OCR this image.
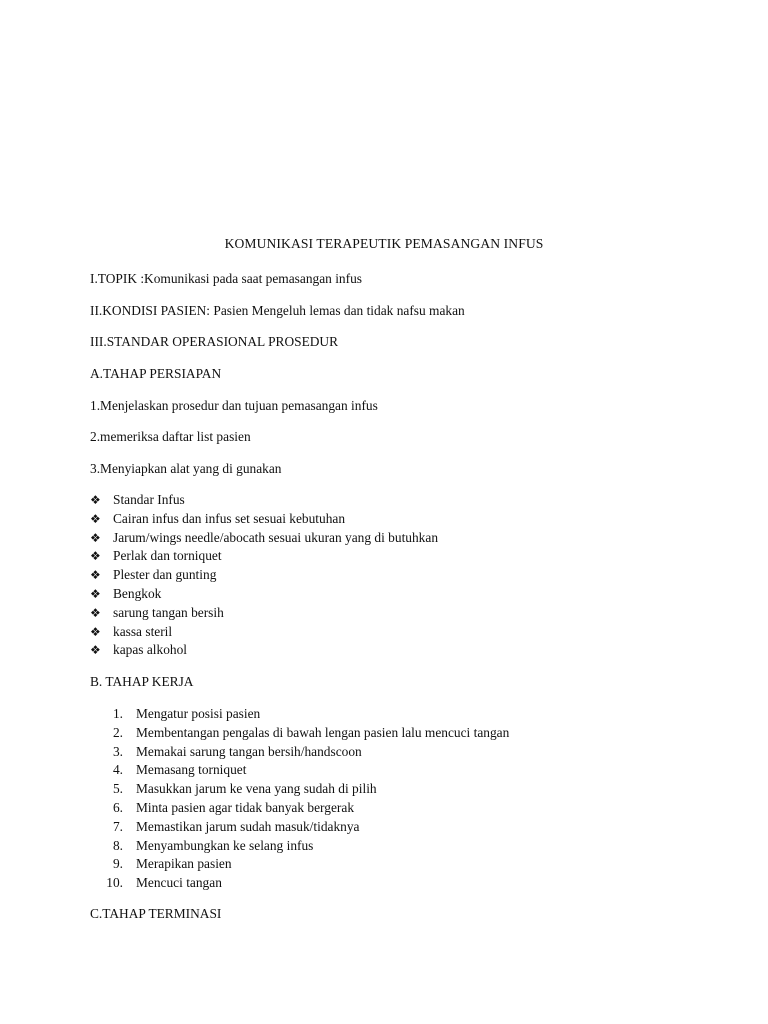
KOMUNIKASI TERAPEUTIK PEMASANGAN INFUS
I.TOPIK :Komunikasi pada saat pemasangan infus
II.KONDISI PASIEN: Pasien Mengeluh lemas dan tidak nafsu makan
III.STANDAR OPERASIONAL PROSEDUR
A.TAHAP PERSIAPAN
1.Menjelaskan prosedur dan tujuan pemasangan infus
2.memeriksa daftar list pasien
3.Menyiapkan alat yang di gunakan
❖ Standar Infus
❖ Cairan infus dan infus set sesuai kebutuhan
❖ Jarum/wings needle/abocath sesuai ukuran yang di butuhkan
❖ Perlak dan torniquet
❖ Plester dan gunting
❖ Bengkok
❖ sarung tangan bersih
❖ kassa steril
❖ kapas alkohol
B. TAHAP KERJA
1. Mengatur posisi pasien
2. Membentangan pengalas di bawah lengan pasien lalu mencuci tangan
3. Memakai sarung tangan bersih/handscoon
4. Memasang torniquet
5. Masukkan jarum ke vena yang sudah di pilih
6. Minta pasien agar tidak banyak bergerak
7. Memastikan jarum sudah masuk/tidaknya
8. Menyambungkan ke selang infus
9. Merapikan pasien
10. Mencuci tangan
C.TAHAP TERMINASI
